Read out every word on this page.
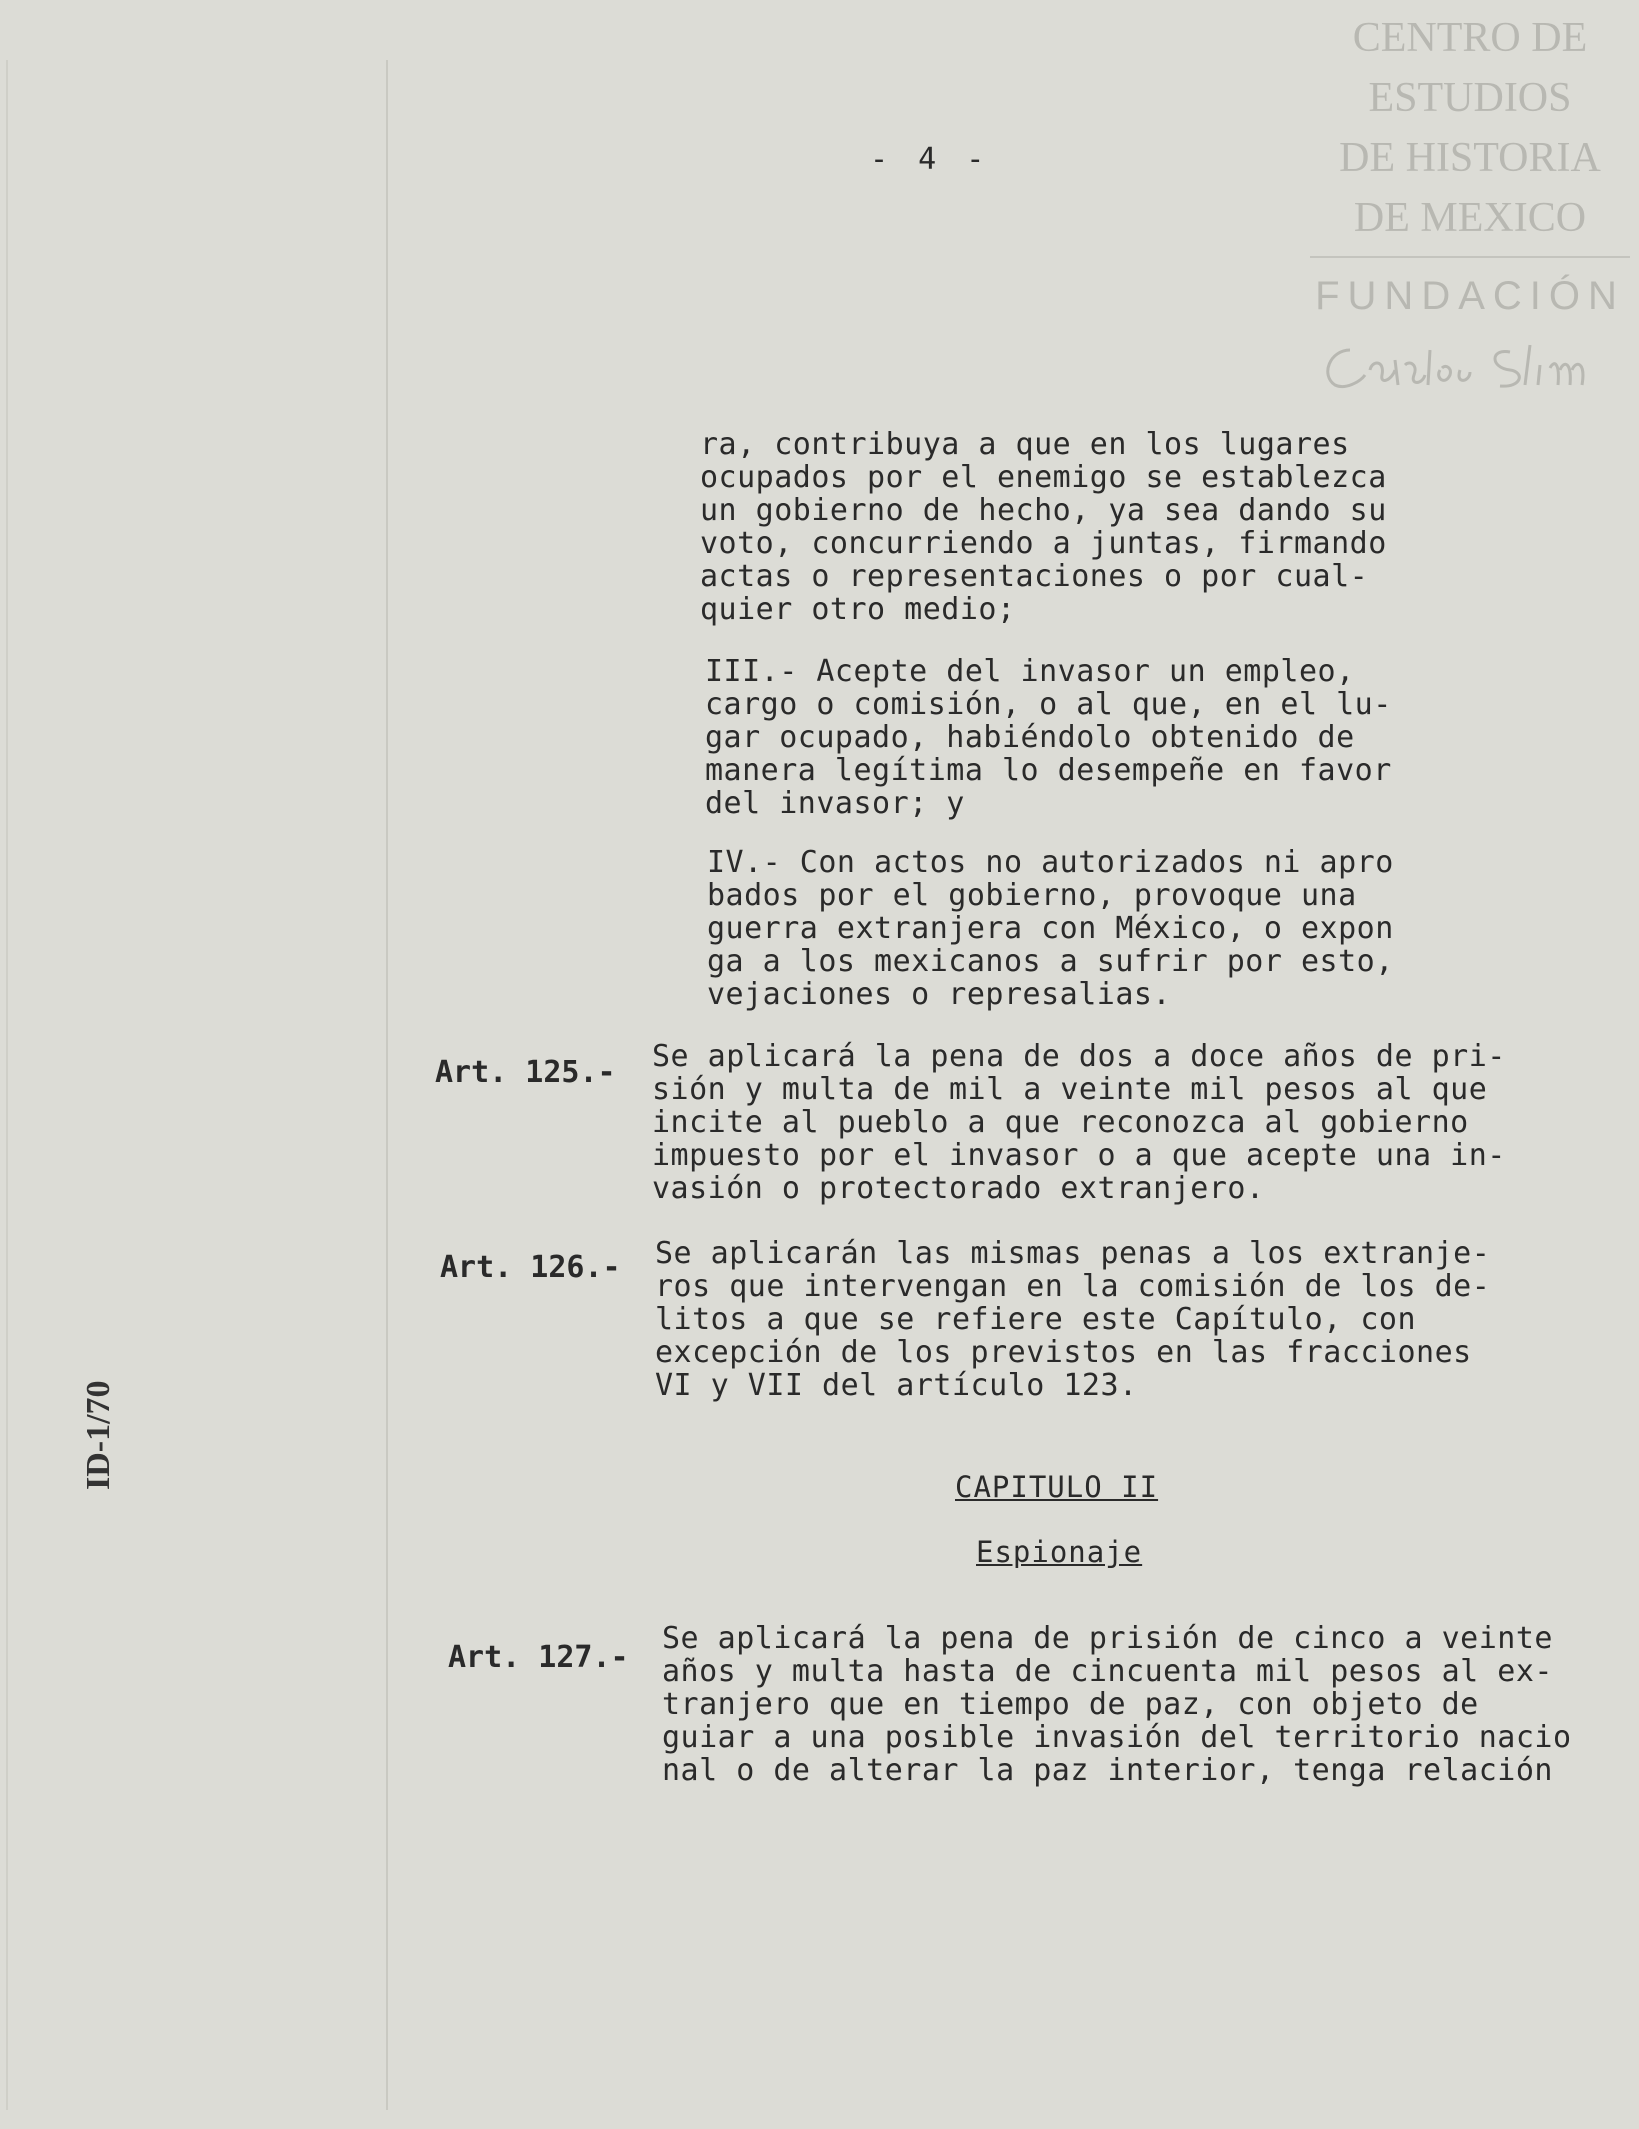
CENTRO DE
ESTUDIOS
DE HISTORIA
DE MEXICO
FUNDACIÓN
- 4 -
ra, contribuya a que en los lugares
ocupados por el enemigo se establezca
un gobierno de hecho, ya sea dando su
voto, concurriendo a juntas, firmando
actas o representaciones o por cual-
quier otro medio;
III.- Acepte del invasor un empleo,
cargo o comisión, o al que, en el lu-
gar ocupado, habiéndolo obtenido de
manera legítima lo desempeñe en favor
del invasor; y
IV.- Con actos no autorizados ni apro
bados por el gobierno, provoque una
guerra extranjera con México, o expon
ga a los mexicanos a sufrir por esto,
vejaciones o represalias.
Art. 125.- Se aplicará la pena de dos a doce años de pri-
sión y multa de mil a veinte mil pesos al que
incite al pueblo a que reconozca al gobierno
impuesto por el invasor o a que acepte una in-
vasión o protectorado extranjero.
Art. 126.- Se aplicarán las mismas penas a los extranje-
ros que intervengan en la comisión de los de-
litos a que se refiere este Capítulo, con
excepción de los previstos en las fracciones
VI y VII del artículo 123.
CAPITULO II
Espionaje
Art. 127.-
Se aplicará la pena de prisión de cinco a veinte
años y multa hasta de cincuenta mil pesos al ex-
tranjero que en tiempo de paz, con objeto de
guiar a una posible invasión del territorio nacio
nal o de alterar la paz interior, tenga relación
ID-1/70
